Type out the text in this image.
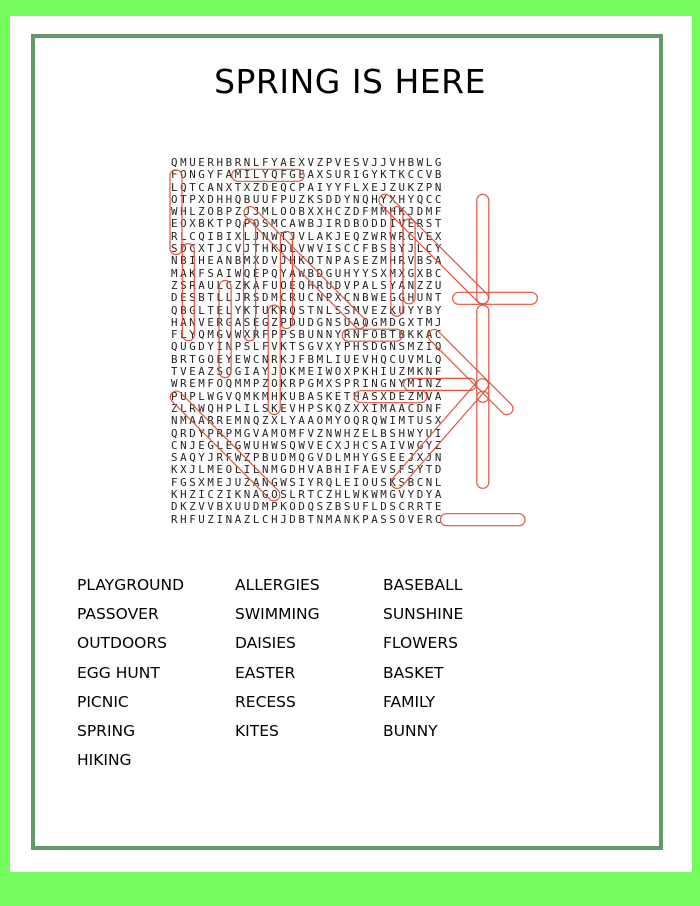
SPRING IS HERE
QMUERHBRNLFYAEXVZPVESVJJVHBWLG
FONGYFAMILYQFGEAXSURIGYKTKCCVB
LQTCANXTXZDEQCPAIYYFLXEJZUKZPN
OTPXDHHQBUUFPUZKSDDYNQHYXHYQCC
WHLZOBPZJJMLOOBXXHCZDFMMHKJDMF
EOXBKTPQPOSMCAWBJIRDBODDIVERST
RLCQIBIXLJNWTJVLAKJEQZWRWRCVEX
SDCXTJCVJTHKDLVWVISCCFBSBYJLCY
NBIHEANBMXDVJHKOTNPASEZMHRVBSA
MAKFSAIWQEPQYAWBDGUHYYSXMXGXBC
ZSRAULCZKAFUOEQHRUDVPALSYANZZU
DESBTLLJRSDMCRUCNPXCNBWEGGHUNT
QBGLTELYKTUKRQSTNLSSMVEZKUYYBY
HANVERGASEGZPDUDGNSUAQGMDGXTMJ
FLYQMGVWXRFPPSBUNNYRNFOBTBKKAC
QUGDYINPSLFVKTSGVXYPHSDGNSMZIQ
BRTGOEYEWCNRKJFBMLIUEVHQCUVMLQ
TVEAZSOGIAYJOKMEIWOXPKHIUZMKNF
WREMFOQMMPZOKRPGMXSPRINGNYMINZ
PUPLWGVQMKMHKUBASKETHASXDEZMVA
ZLRWQHPLILSKEVHPSKQZXXIMAACDNF
NMAARREMNQZXLYAAOMYOQRQWIMTUSX
QRDYPRPMGVAMOMFVZNWHZELBSHWYUI
CNJEGLEGWUHWSQWVECXJHCSAIVWGYZ
SAQYJRFWZPBUDMQGVDLMHYGSEEJXJN
KXJLMEOLILNMGDHVABHIFAEVSFSYTD
FGSXMEJUZANGWSIYRQLEIOUSKSBCNL
KHZICZIKNAGOSLRTCZHLWKWMGVYDYA
DKZVVBXUUDMPKODQSZBSUFLDSCRRTE
RHFUZINAZLCHJDBTNMANKPASSOVERC
PLAYGROUND
PASSOVER
OUTDOORS
EGG HUNT
PICNIC
SPRING
HIKING
ALLERGIES
SWIMMING
DAISIES
EASTER
RECESS
KITES
BASEBALL
SUNSHINE
FLOWERS
BASKET
FAMILY
BUNNY
